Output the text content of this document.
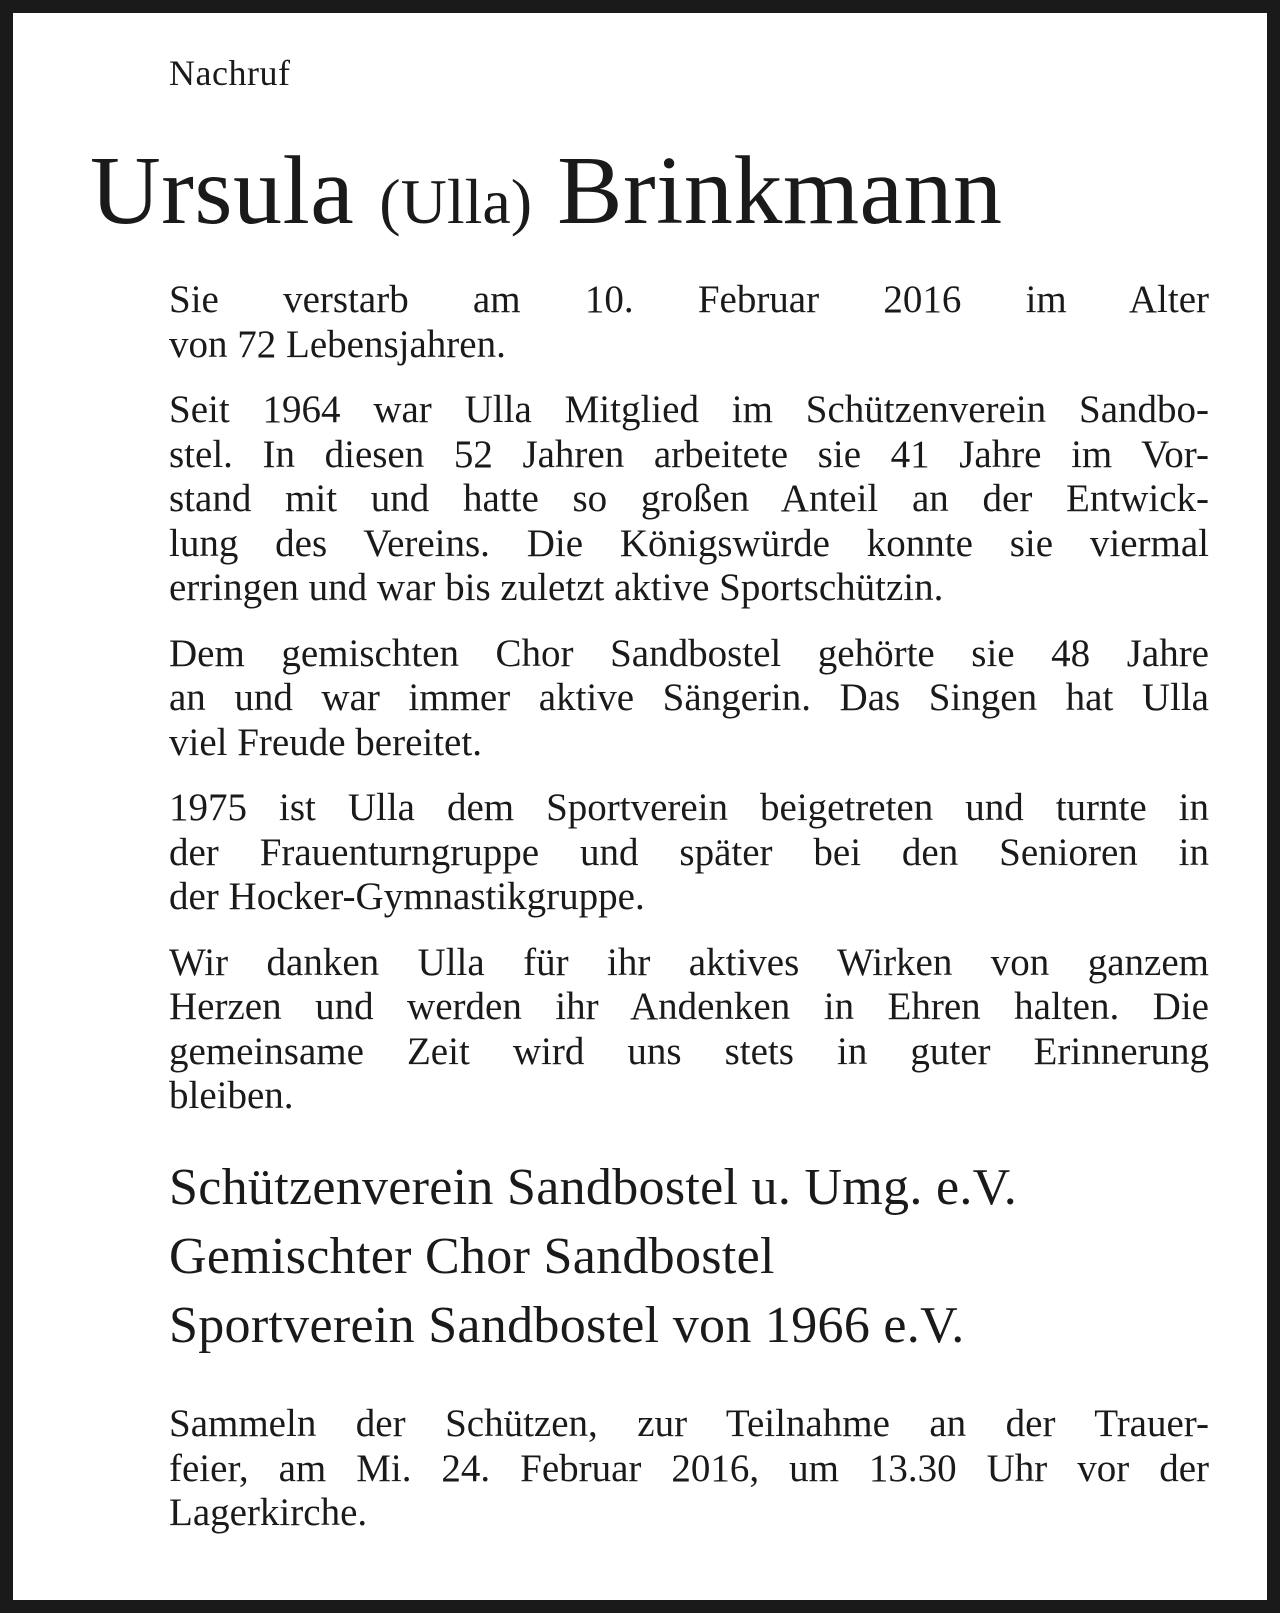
Nachruf
Ursula (Ulla) Brinkmann

Sie verstarb am 10. Februar 2016 im Alter
von 72 Lebensjahren.

Seit 1964 war Ulla Mitglied im Schützenverein Sandbo-
stel. In diesen 52 Jahren arbeitete sie 41 Jahre im Vor-
stand mit und hatte so großen Anteil an der Entwick-
lung des Vereins. Die Königswürde konnte sie viermal
erringen und war bis zuletzt aktive Sportschützin.

Dem gemischten Chor Sandbostel gehörte sie 48 Jahre
an und war immer aktive Sängerin. Das Singen hat Ulla
viel Freude bereitet.

1975 ist Ulla dem Sportverein beigetreten und turnte in
der Frauenturngruppe und später bei den Senioren in
der Hocker-Gymnastikgruppe.

Wir danken Ulla für ihr aktives Wirken von ganzem
Herzen und werden ihr Andenken in Ehren halten. Die
gemeinsame Zeit wird uns stets in guter Erinnerung
bleiben.

Schützenverein Sandbostel u. Umg. e.V.
Gemischter Chor Sandbostel
Sportverein Sandbostel von 1966 e.V.

Sammeln der Schützen, zur Teilnahme an der Trauer-
feier, am Mi. 24. Februar 2016, um 13.30 Uhr vor der
Lagerkirche.
